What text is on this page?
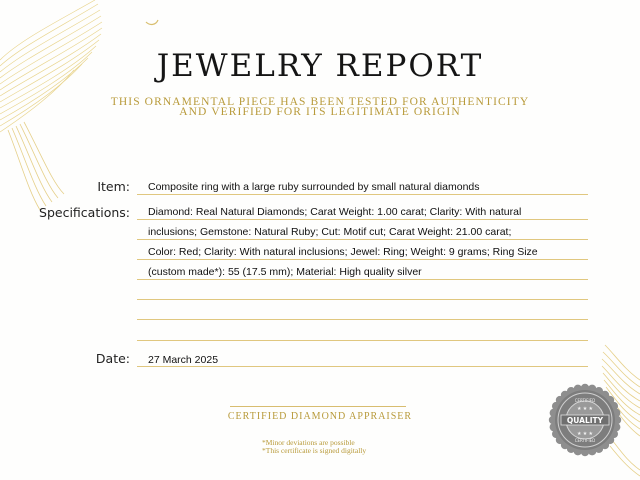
JEWELRY REPORT
THIS ORNAMENTAL PIECE HAS BEEN TESTED FOR AUTHENTICITY
AND VERIFIED FOR ITS LEGITIMATE ORIGIN
Item: Composite ring with a large ruby surrounded by small natural diamonds
Specifications: Diamond: Real Natural Diamonds; Carat Weight: 1.00 carat; Clarity: With natural
inclusions; Gemstone: Natural Ruby; Cut: Motif cut; Carat Weight: 21.00 carat;
Color: Red; Clarity: With natural inclusions; Jewel: Ring; Weight: 9 grams; Ring Size
(custom made*): 55 (17.5 mm); Material: High quality silver
Date: 27 March 2025
CERTIFIED DIAMOND APPRAISER
*Minor deviations are possible
*This certificate is signed digitally
QUALITY
CERTIFIED
CERTIFIED
★ ★ ★
★ ★ ★
